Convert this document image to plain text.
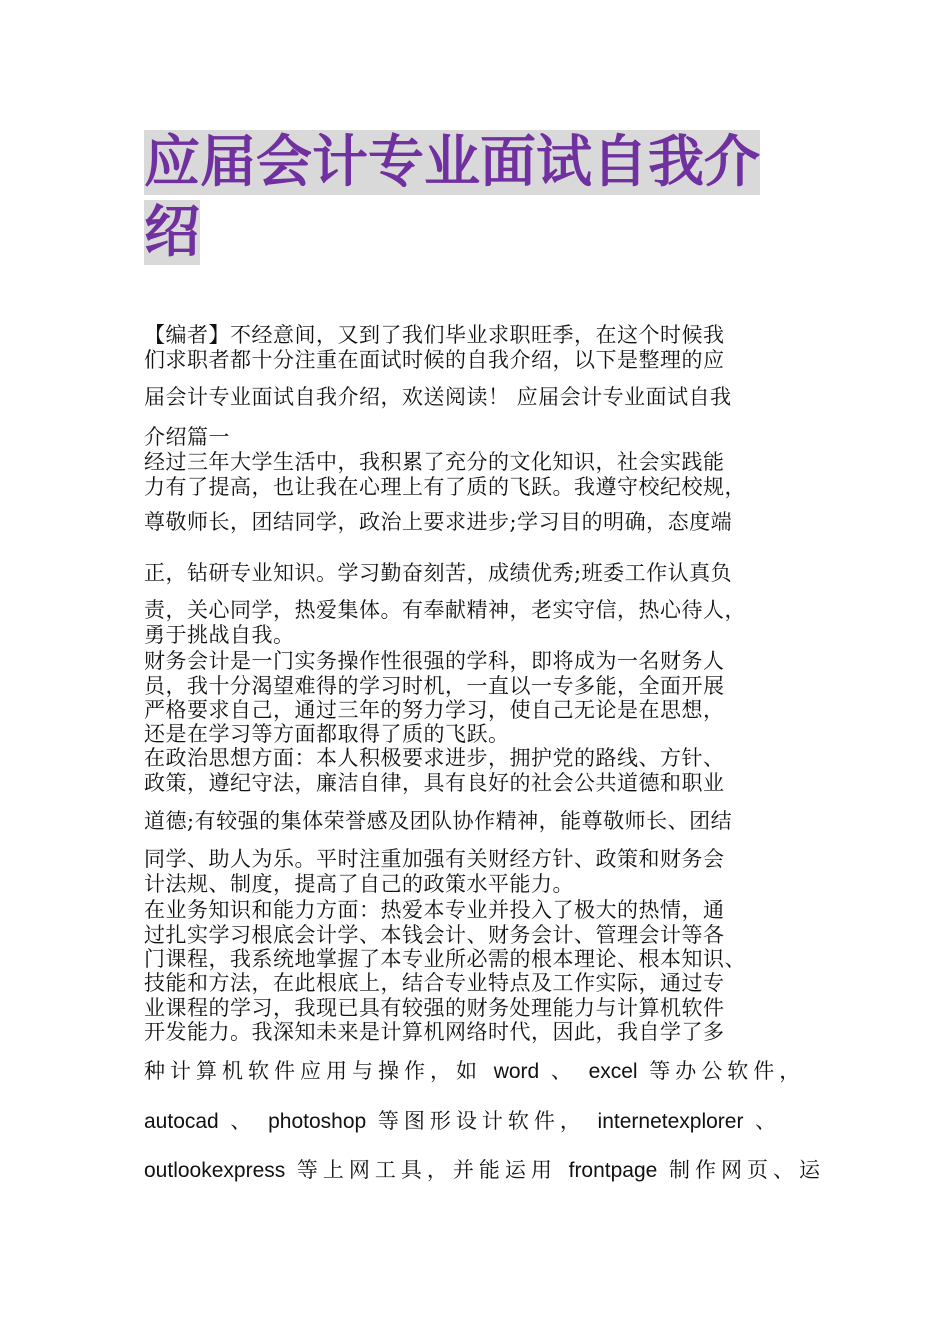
应届会计专业面试自我介绍
【编者】不经意间，又到了我们毕业求职旺季，在这个时候我
们求职者都十分注重在面试时候的自我介绍，以下是整理的应
届会计专业面试自我介绍，欢送阅读！ 应届会计专业面试自我
介绍篇一
经过三年大学生活中，我积累了充分的文化知识，社会实践能
力有了提高，也让我在心理上有了质的飞跃。我遵守校纪校规，
尊敬师长，团结同学，政治上要求进步;学习目的明确，态度端
正，钻研专业知识。学习勤奋刻苦，成绩优秀;班委工作认真负
责，关心同学，热爱集体。有奉献精神，老实守信，热心待人，
勇于挑战自我。
财务会计是一门实务操作性很强的学科，即将成为一名财务人
员，我十分渴望难得的学习时机，一直以一专多能，全面开展
严格要求自己，通过三年的努力学习，使自己无论是在思想，
还是在学习等方面都取得了质的飞跃。
在政治思想方面：本人积极要求进步，拥护党的路线、方针、
政策，遵纪守法，廉洁自律，具有良好的社会公共道德和职业
道德;有较强的集体荣誉感及团队协作精神，能尊敬师长、团结
同学、助人为乐。平时注重加强有关财经方针、政策和财务会
计法规、制度，提高了自己的政策水平能力。
在业务知识和能力方面：热爱本专业并投入了极大的热情，通
过扎实学习根底会计学、本钱会计、财务会计、管理会计等各
门课程，我系统地掌握了本专业所必需的根本理论、根本知识、
技能和方法，在此根底上，结合专业特点及工作实际，通过专
业课程的学习，我现已具有较强的财务处理能力与计算机软件
开发能力。我深知未来是计算机网络时代，因此，我自学了多
种计算机软件应用与操作，如 word 、 excel 等办公软件，
autocad 、 photoshop 等图形设计软件， internetexplorer 、
outlookexpress 等上网工具，并能运用 frontpage 制作网页、运
